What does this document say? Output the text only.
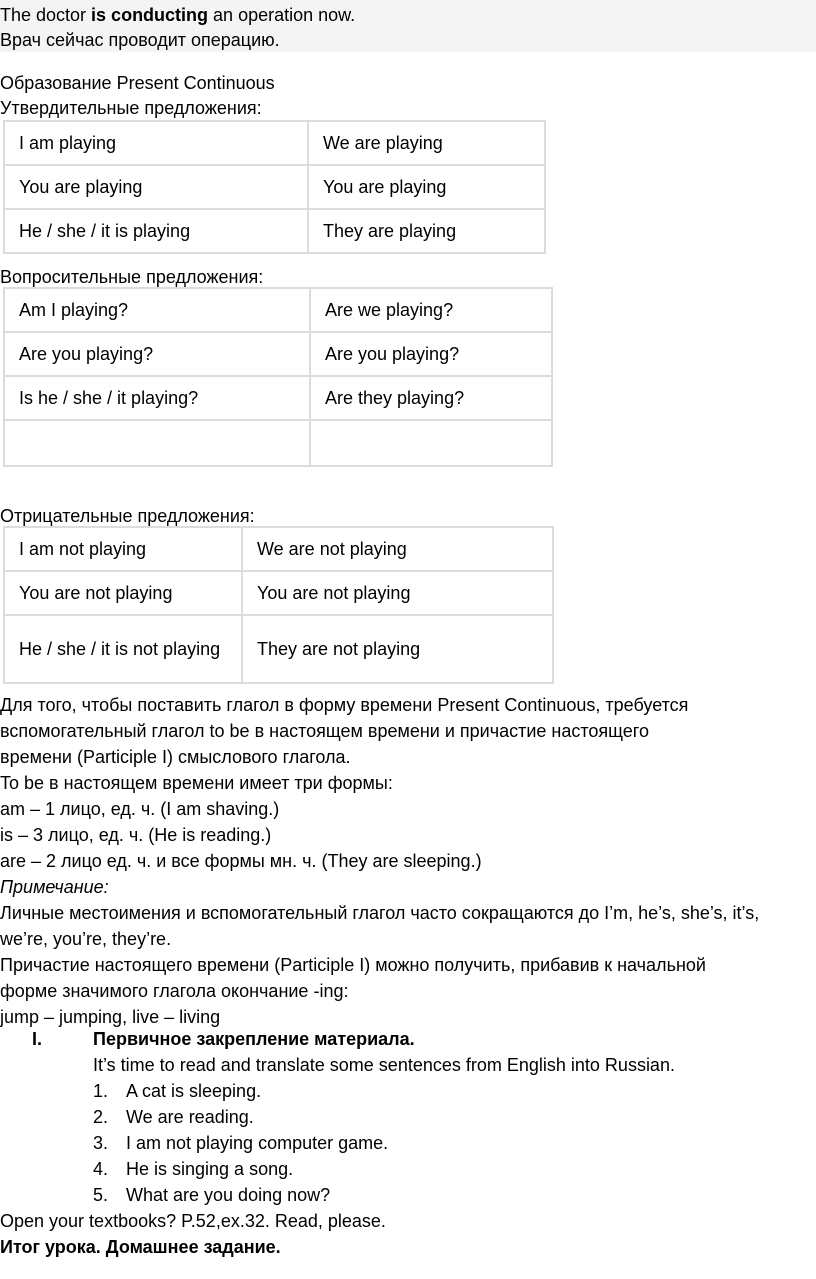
The doctor is conducting an operation now.
Врач сейчас проводит операцию.
Образование Present Continuous
Утвердительные предложения:
I am playing	We are playing
You are playing	You are playing
He / she / it is playing	They are playing
Вопросительные предложения:
Am I playing?	Are we playing?
Are you playing?	Are you playing?
Is he / she / it playing?	Are they playing?

Отрицательные предложения:
I am not playing	We are not playing
You are not playing	You are not playing
He / she / it is not playing	They are not playing
Для того, чтобы поставить глагол в форму времени Present Continuous, требуется
вспомогательный глагол to be в настоящем времени и причастие настоящего
времени (Participle I) смыслового глагола.
To be в настоящем времени имеет три формы:
am – 1 лицо, ед. ч. (I am shaving.)
is – 3 лицо, ед. ч. (He is reading.)
are – 2 лицо ед. ч. и все формы мн. ч. (They are sleeping.)
Примечание:
Личные местоимения и вспомогательный глагол часто сокращаются до I’m, he’s, she’s, it’s,
we’re, you’re, they’re.
Причастие настоящего времени (Participle I) можно получить, прибавив к начальной
форме значимого глагола окончание -ing:
jump – jumping, live – living
I.	Первичное закрепление материала.
It’s time to read and translate some sentences from English into Russian.
1. A cat is sleeping.
2. We are reading.
3. I am not playing computer game.
4. He is singing a song.
5. What are you doing now?
Open your textbooks? P.52,ex.32. Read, please.
Итог урока. Домашнее задание.
